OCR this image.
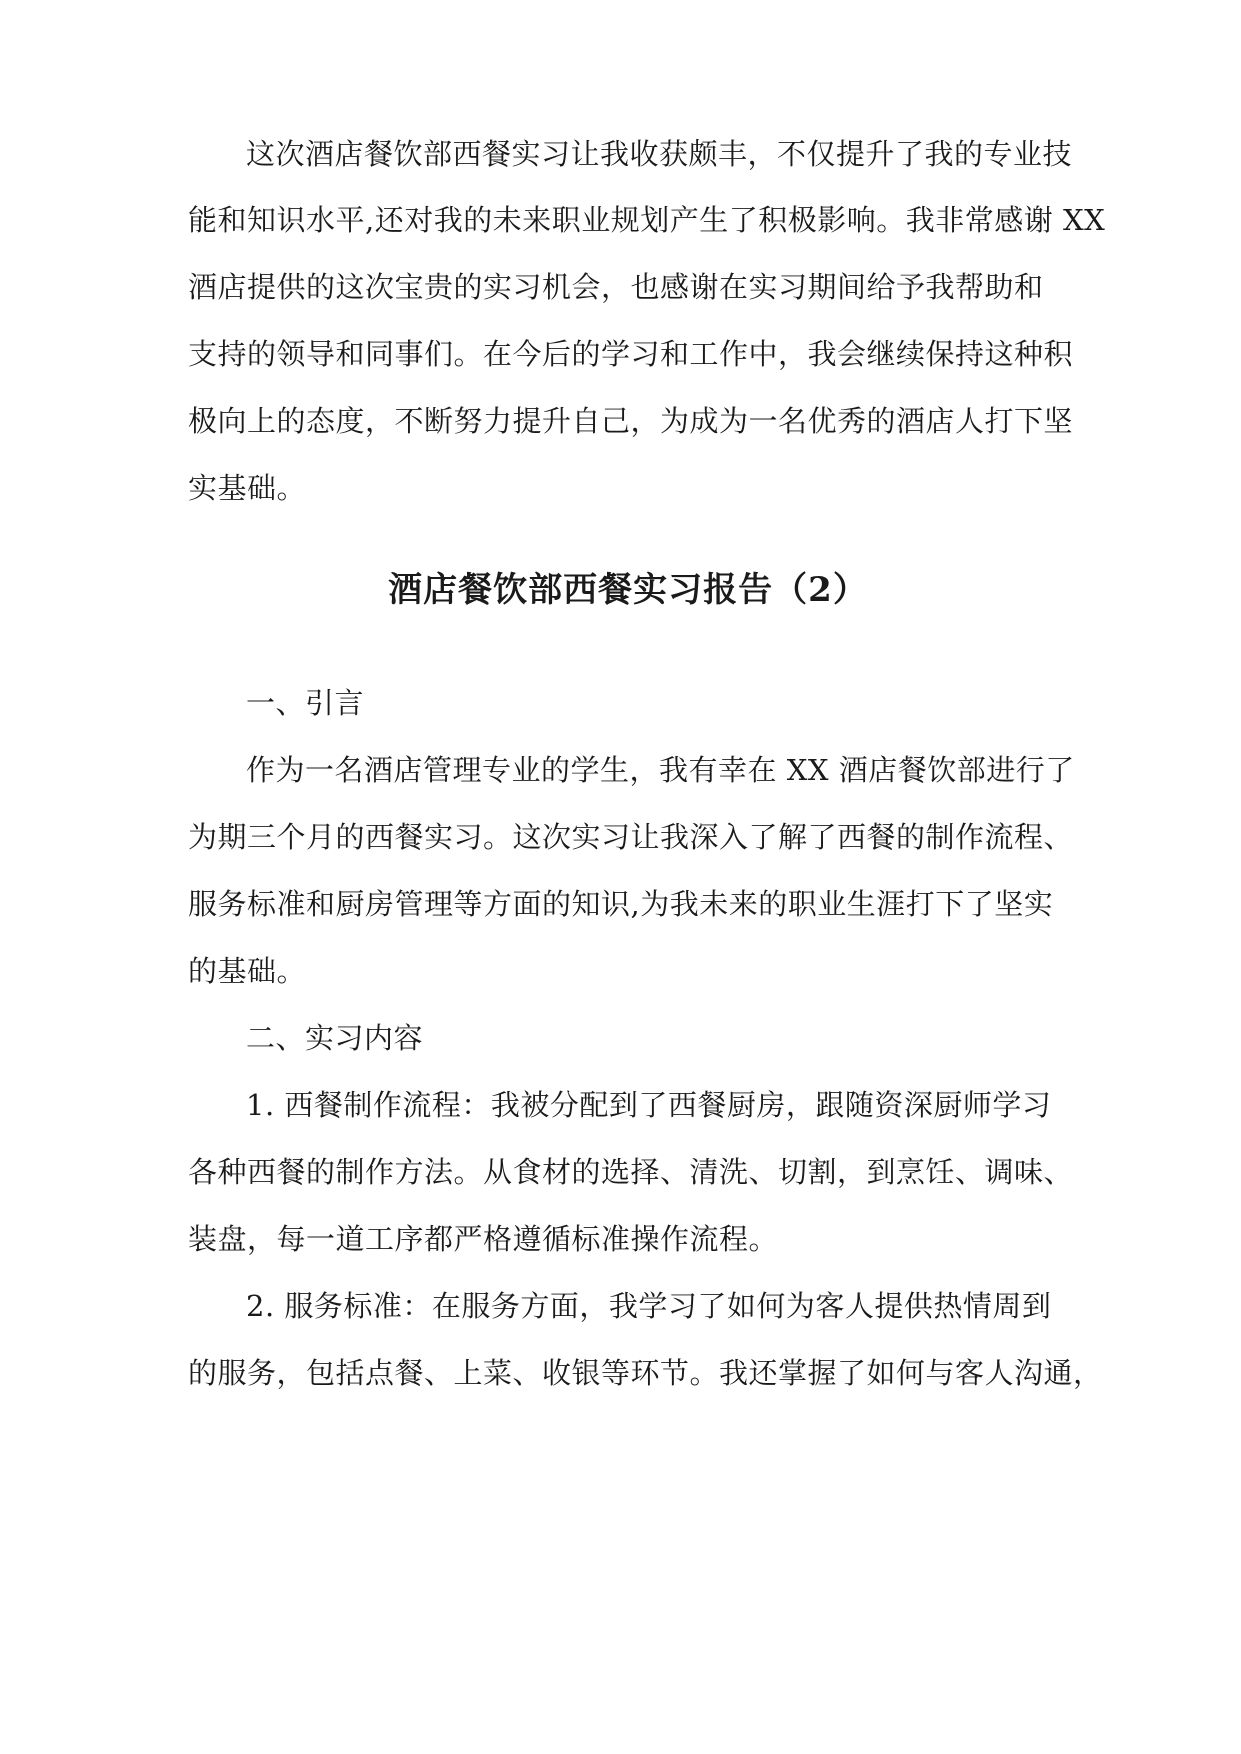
这次酒店餐饮部西餐实习让我收获颇丰，不仅提升了我的专业技
能和知识水平,还对我的未来职业规划产生了积极影响。我非常感谢 XX
酒店提供的这次宝贵的实习机会，也感谢在实习期间给予我帮助和
支持的领导和同事们。在今后的学习和工作中，我会继续保持这种积
极向上的态度，不断努力提升自己，为成为一名优秀的酒店人打下坚
实基础。
酒店餐饮部西餐实习报告（2）
一、引言
作为一名酒店管理专业的学生，我有幸在 XX 酒店餐饮部进行了
为期三个月的西餐实习。这次实习让我深入了解了西餐的制作流程、
服务标准和厨房管理等方面的知识,为我未来的职业生涯打下了坚实
的基础。
二、实习内容
1. 西餐制作流程：我被分配到了西餐厨房，跟随资深厨师学习
各种西餐的制作方法。从食材的选择、清洗、切割，到烹饪、调味、
装盘，每一道工序都严格遵循标准操作流程。
2. 服务标准：在服务方面，我学习了如何为客人提供热情周到
的服务，包括点餐、上菜、收银等环节。我还掌握了如何与客人沟通，
